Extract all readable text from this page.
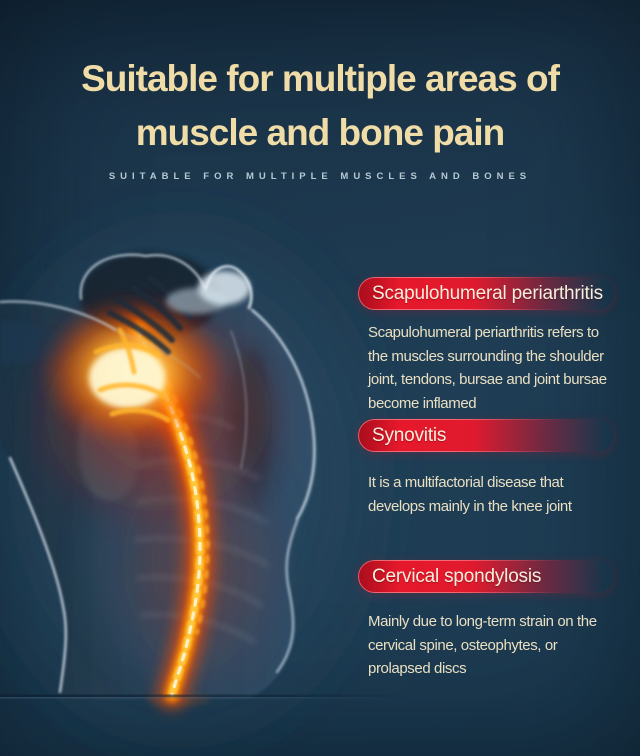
Suitable for multiple areas of
muscle and bone pain
SUITABLE FOR MULTIPLE MUSCLES AND BONES
Scapulohumeral periarthritis

Scapulohumeral periarthritis refers to the muscles surrounding the shoulder joint, tendons, bursae and joint bursae become inflamed

Synovitis

It is a multifactorial disease that develops mainly in the knee joint

Cervical spondylosis

Mainly due to long-term strain on the cervical spine, osteophytes, or prolapsed discs
